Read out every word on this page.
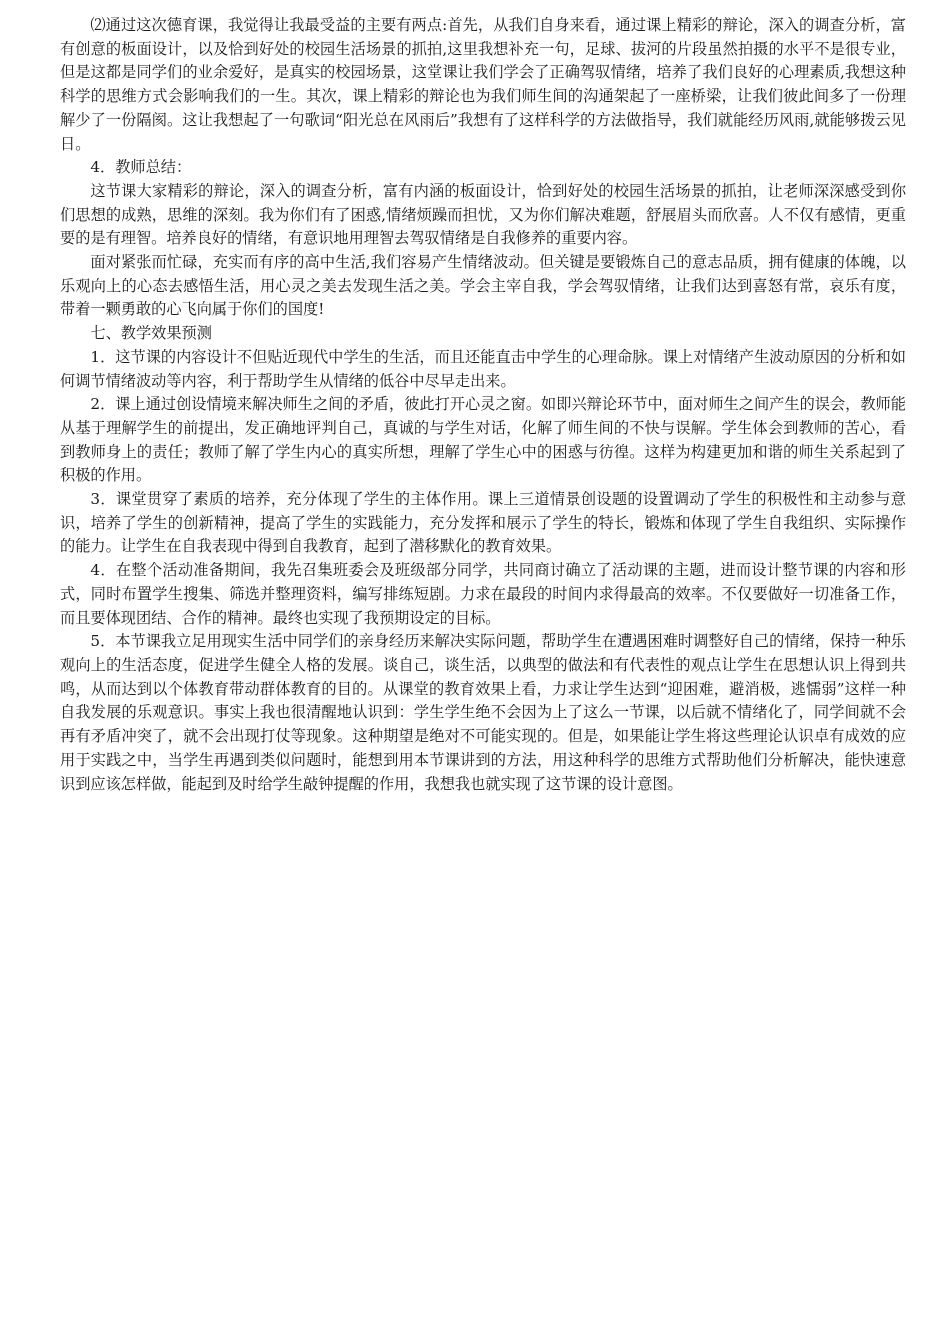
⑵通过这次德育课，我觉得让我最受益的主要有两点:首先，从我们自身来看，通过课上精彩的辩论，深入的调查分析，富有创意的板面设计，以及恰到好处的校园生活场景的抓拍,这里我想补充一句，足球、拔河的片段虽然拍摄的水平不是很专业，但是这都是同学们的业余爱好，是真实的校园场景，这堂课让我们学会了正确驾驭情绪，培养了我们良好的心理素质,我想这种科学的思维方式会影响我们的一生。其次，课上精彩的辩论也为我们师生间的沟通架起了一座桥梁，让我们彼此间多了一份理解少了一份隔阂。这让我想起了一句歌词“阳光总在风雨后”我想有了这样科学的方法做指导，我们就能经历风雨,就能够拨云见日。

4．教师总结：

这节课大家精彩的辩论，深入的调查分析，富有内涵的板面设计，恰到好处的校园生活场景的抓拍，让老师深深感受到你们思想的成熟，思维的深刻。我为你们有了困惑,情绪烦躁而担忧，又为你们解决难题，舒展眉头而欣喜。人不仅有感情，更重要的是有理智。培养良好的情绪，有意识地用理智去驾驭情绪是自我修养的重要内容。

面对紧张而忙碌，充实而有序的高中生活,我们容易产生情绪波动。但关键是要锻炼自己的意志品质，拥有健康的体魄，以乐观向上的心态去感悟生活，用心灵之美去发现生活之美。学会主宰自我，学会驾驭情绪，让我们达到喜怒有常，哀乐有度，带着一颗勇敢的心飞向属于你们的国度!

七、教学效果预测

1．这节课的内容设计不但贴近现代中学生的生活，而且还能直击中学生的心理命脉。课上对情绪产生波动原因的分析和如何调节情绪波动等内容，利于帮助学生从情绪的低谷中尽早走出来。

2．课上通过创设情境来解决师生之间的矛盾，彼此打开心灵之窗。如即兴辩论环节中，面对师生之间产生的误会，教师能从基于理解学生的前提出，发正确地评判自己，真诚的与学生对话，化解了师生间的不快与误解。学生体会到教师的苦心，看到教师身上的责任；教师了解了学生内心的真实所想，理解了学生心中的困惑与彷徨。这样为构建更加和谐的师生关系起到了积极的作用。

3．课堂贯穿了素质的培养，充分体现了学生的主体作用。课上三道情景创设题的设置调动了学生的积极性和主动参与意识，培养了学生的创新精神，提高了学生的实践能力，充分发挥和展示了学生的特长，锻炼和体现了学生自我组织、实际操作的能力。让学生在自我表现中得到自我教育，起到了潜移默化的教育效果。

4．在整个活动准备期间，我先召集班委会及班级部分同学，共同商讨确立了活动课的主题，进而设计整节课的内容和形式，同时布置学生搜集、筛选并整理资料，编写排练短剧。力求在最段的时间内求得最高的效率。不仅要做好一切准备工作，而且要体现团结、合作的精神。最终也实现了我预期设定的目标。

5．本节课我立足用现实生活中同学们的亲身经历来解决实际问题，帮助学生在遭遇困难时调整好自己的情绪，保持一种乐观向上的生活态度，促进学生健全人格的发展。谈自己，谈生活，以典型的做法和有代表性的观点让学生在思想认识上得到共鸣，从而达到以个体教育带动群体教育的目的。从课堂的教育效果上看，力求让学生达到“迎困难，避消极，逃懦弱”这样一种自我发展的乐观意识。事实上我也很清醒地认识到：学生学生绝不会因为上了这么一节课，以后就不情绪化了，同学间就不会再有矛盾冲突了，就不会出现打仗等现象。这种期望是绝对不可能实现的。但是，如果能让学生将这些理论认识卓有成效的应用于实践之中，当学生再遇到类似问题时，能想到用本节课讲到的方法，用这种科学的思维方式帮助他们分析解决，能快速意识到应该怎样做，能起到及时给学生敲钟提醒的作用，我想我也就实现了这节课的设计意图。
